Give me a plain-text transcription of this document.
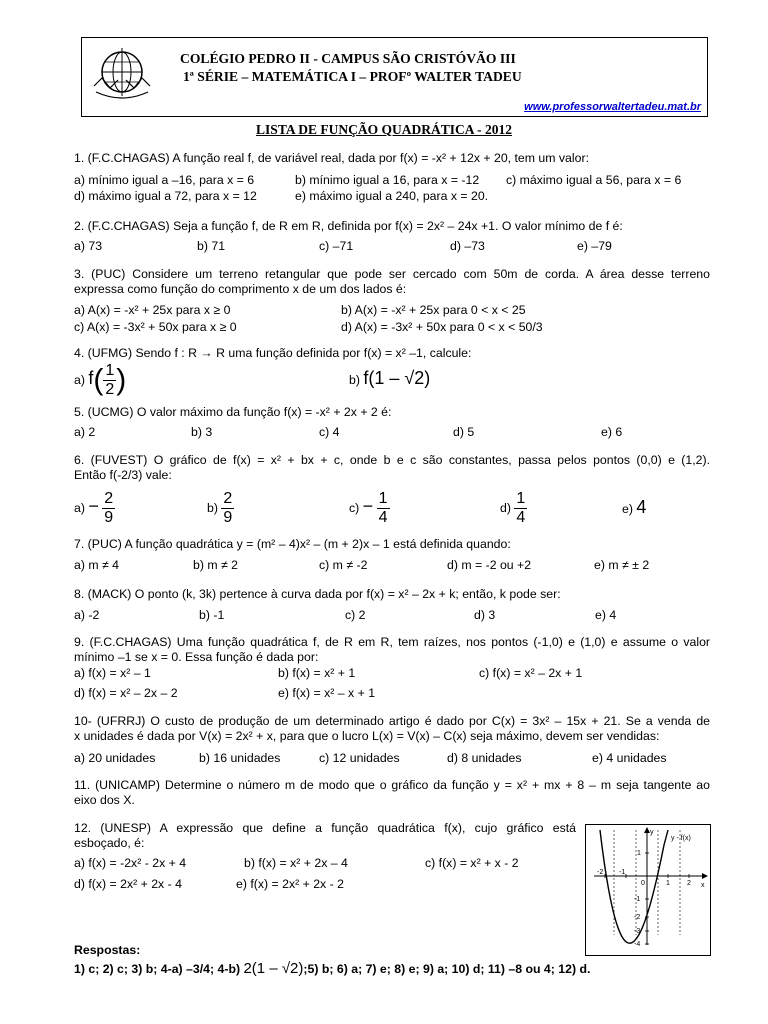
COLÉGIO PEDRO II - CAMPUS SÃO CRISTÓVÃO III
1ª SÉRIE – MATEMÁTICA I – PROFº WALTER TADEU
www.professorwaltertadeu.mat.br
LISTA DE FUNÇÃO QUADRÁTICA - 2012
1. (F.C.CHAGAS) A função real f, de variável real, dada por f(x) = -x² + 12x + 20, tem um valor:
a) mínimo igual a –16, para x = 6	b) mínimo igual a 16, para x = -12 c) máximo igual a 56, para x = 6
d) máximo igual a 72, para x = 12	e) máximo igual a 240, para x = 20.
2. (F.C.CHAGAS) Seja a função f, de R em R, definida por f(x) = 2x² – 24x +1. O valor mínimo de f é:
a) 73	b) 71	c) –71	d) –73	e) –79
3. (PUC) Considere um terreno retangular que pode ser cercado com 50m de corda. A área desse terreno
expressa como função do comprimento x de um dos lados é:
a) A(x) = -x² + 25x para x ≥ 0	b) A(x) = -x² + 25x para 0 < x < 25
c) A(x) = -3x² + 50x para x ≥ 0	d) A(x) = -3x² + 50x para 0 < x < 50/3
4. (UFMG) Sendo f : R → R uma função definida por f(x) = x² –1, calcule:
a) $f( \frac{1}{2}$ )	b) f(1 – √2)
5. (UCMG) O valor máximo da função f(x) = -x² + 2x + 2 é:
a) 2	b) 3	c) 4	d) 5	e) 6
6. (FUVEST) O gráfico de f(x) = x² + bx + c, onde b e c são constantes, passa pelos pontos (0,0) e (1,2).
Então f(-2/3) vale:
$a) - \frac{2}{9}$	$b) \frac{2}{9}$	$c) - \frac{1}{4}$	$d) \frac{1}{4}$	e) 4
7. (PUC) A função quadrática y = (m² – 4)x² – (m + 2)x – 1 está definida quando:
a) m ≠ 4	b) m ≠ 2	c) m ≠ -2	d) m = -2 ou +2	e) m ≠ ± 2
8. (MACK) O ponto (k, 3k) pertence à curva dada por f(x) = x² – 2x + k; então, k pode ser:
a) -2	b) -1	c) 2	d) 3	e) 4
9. (F.C.CHAGAS) Uma função quadrática f, de R em R, tem raízes, nos pontos (-1,0) e (1,0) e assume o valor
mínimo –1 se x = 0. Essa função é dada por:
a) f(x) = x² – 1	b) f(x) = x² + 1	c) f(x) = x² – 2x + 1
d) f(x) = x² – 2x – 2	e) f(x) = x² – x + 1
10- (UFRRJ) O custo de produção de um determinado artigo é dado por C(x) = 3x² – 15x + 21. Se a venda de
x unidades é dada por V(x) = 2x² + x, para que o lucro L(x) = V(x) – C(x) seja máximo, devem ser vendidas:
a) 20 unidades	b) 16 unidades	c) 12 unidades	d) 8 unidades	e) 4 unidades
11. (UNICAMP) Determine o número m de modo que o gráfico da função y = x² + mx + 8 – m seja tangente ao
eixo dos X.
12. (UNESP) A expressão que define a função quadrática f(x), cujo gráfico está
esboçado, é:
a) f(x) = -2x² - 2x + 4	b) f(x) = x² + 2x – 4	c) f(x) = x² + x - 2
d) f(x) = 2x² + 2x - 4	e) f(x) = 2x² + 2x - 2
y - f(x)
x
y
-2 -1
0	1 2
1
-1
-2
-3
-4
Respostas:
1) c; 2) c; 3) b; 4-a) –3/4; 4-b) 2(1 – √2);5) b; 6) a; 7) e; 8) e; 9) a; 10) d; 11) –8 ou 4; 12) d.
